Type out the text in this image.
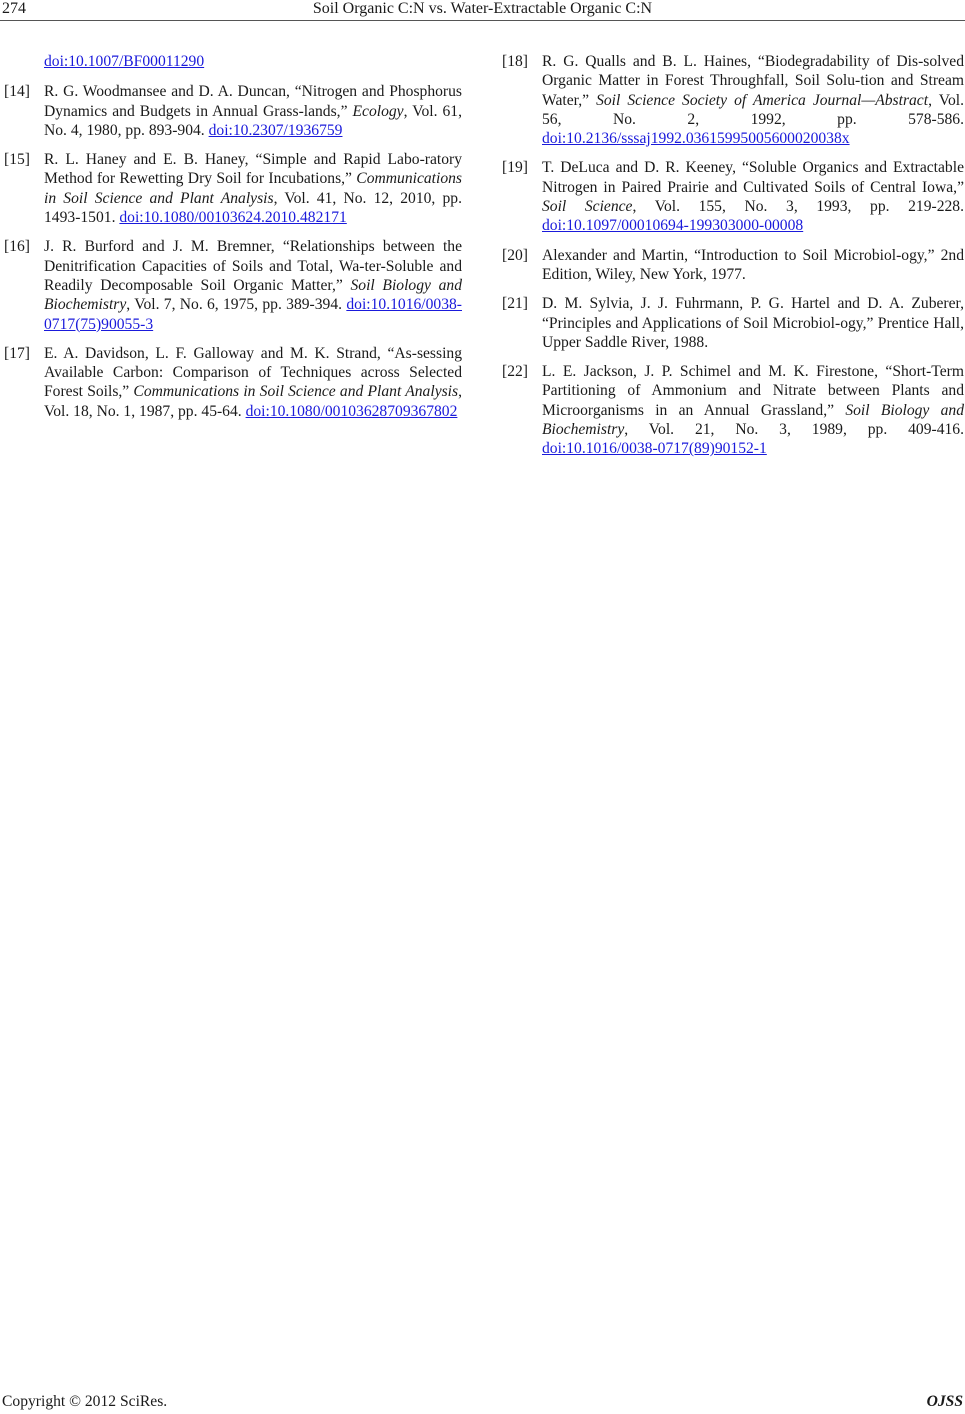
274	Soil Organic C:N vs. Water-Extractable Organic C:N
doi:10.1007/BF00011290
[14] R. G. Woodmansee and D. A. Duncan, “Nitrogen and Phosphorus Dynamics and Budgets in Annual Grass-lands,” Ecology, Vol. 61, No. 4, 1980, pp. 893-904. doi:10.2307/1936759
[15] R. L. Haney and E. B. Haney, “Simple and Rapid Labo-ratory Method for Rewetting Dry Soil for Incubations,” Communications in Soil Science and Plant Analysis, Vol. 41, No. 12, 2010, pp. 1493-1501. doi:10.1080/00103624.2010.482171
[16] J. R. Burford and J. M. Bremner, “Relationships between the Denitrification Capacities of Soils and Total, Wa-ter-Soluble and Readily Decomposable Soil Organic Matter,” Soil Biology and Biochemistry, Vol. 7, No. 6, 1975, pp. 389-394. doi:10.1016/0038-0717(75)90055-3
[17] E. A. Davidson, L. F. Galloway and M. K. Strand, “As-sessing Available Carbon: Comparison of Techniques across Selected Forest Soils,” Communications in Soil Science and Plant Analysis, Vol. 18, No. 1, 1987, pp. 45-64. doi:10.1080/00103628709367802
[18] R. G. Qualls and B. L. Haines, “Biodegradability of Dis-solved Organic Matter in Forest Throughfall, Soil Solu-tion and Stream Water,” Soil Science Society of America Journal—Abstract, Vol. 56, No. 2, 1992, pp. 578-586. doi:10.2136/sssaj1992.03615995005600020038x
[19] T. DeLuca and D. R. Keeney, “Soluble Organics and Extractable Nitrogen in Paired Prairie and Cultivated Soils of Central Iowa,” Soil Science, Vol. 155, No. 3, 1993, pp. 219-228. doi:10.1097/00010694-199303000-00008
[20] Alexander and Martin, “Introduction to Soil Microbiol-ogy,” 2nd Edition, Wiley, New York, 1977.
[21] D. M. Sylvia, J. J. Fuhrmann, P. G. Hartel and D. A. Zuberer, “Principles and Applications of Soil Microbiol-ogy,” Prentice Hall, Upper Saddle River, 1988.
[22] L. E. Jackson, J. P. Schimel and M. K. Firestone, “Short-Term Partitioning of Ammonium and Nitrate between Plants and Microorganisms in an Annual Grassland,” Soil Biology and Biochemistry, Vol. 21, No. 3, 1989, pp. 409-416. doi:10.1016/0038-0717(89)90152-1
Copyright © 2012 SciRes.	OJSS
